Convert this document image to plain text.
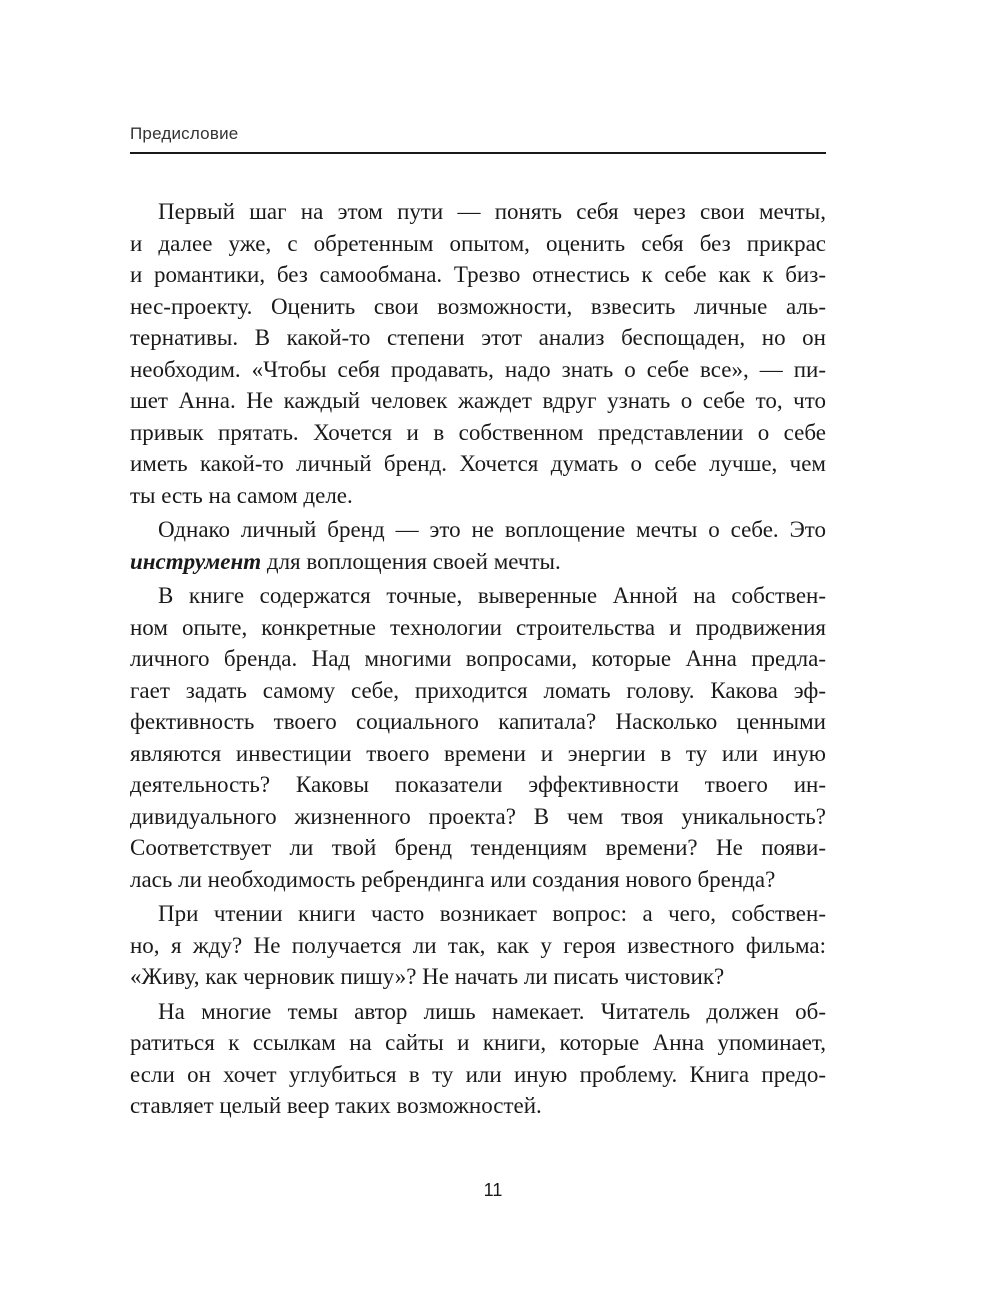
Предисловие
Первый шаг на этом пути — понять себя через свои мечты,
и далее уже, с обретенным опытом, оценить себя без прикрас
и романтики, без самообмана. Трезво отнестись к себе как к биз-
нес-проекту. Оценить свои возможности, взвесить личные аль-
тернативы. В какой-то степени этот анализ беспощаден, но он
необходим. «Чтобы себя продавать, надо знать о себе все», — пи-
шет Анна. Не каждый человек жаждет вдруг узнать о себе то, что
привык прятать. Хочется и в собственном представлении о себе
иметь какой-то личный бренд. Хочется думать о себе лучше, чем
ты есть на самом деле.
Однако личный бренд — это не воплощение мечты о себе. Это
инструмент для воплощения своей мечты.
В книге содержатся точные, выверенные Анной на собствен-
ном опыте, конкретные технологии строительства и продвижения
личного бренда. Над многими вопросами, которые Анна предла-
гает задать самому себе, приходится ломать голову. Какова эф-
фективность твоего социального капитала? Насколько ценными
являются инвестиции твоего времени и энергии в ту или иную
деятельность? Каковы показатели эффективности твоего ин-
дивидуального жизненного проекта? В чем твоя уникальность?
Соответствует ли твой бренд тенденциям времени? Не появи-
лась ли необходимость ребрендинга или создания нового бренда?
При чтении книги часто возникает вопрос: а чего, собствен-
но, я жду? Не получается ли так, как у героя известного фильма:
«Живу, как черновик пишу»? Не начать ли писать чистовик?
На многие темы автор лишь намекает. Читатель должен об-
ратиться к ссылкам на сайты и книги, которые Анна упоминает,
если он хочет углубиться в ту или иную проблему. Книга предо-
ставляет целый веер таких возможностей.
11
